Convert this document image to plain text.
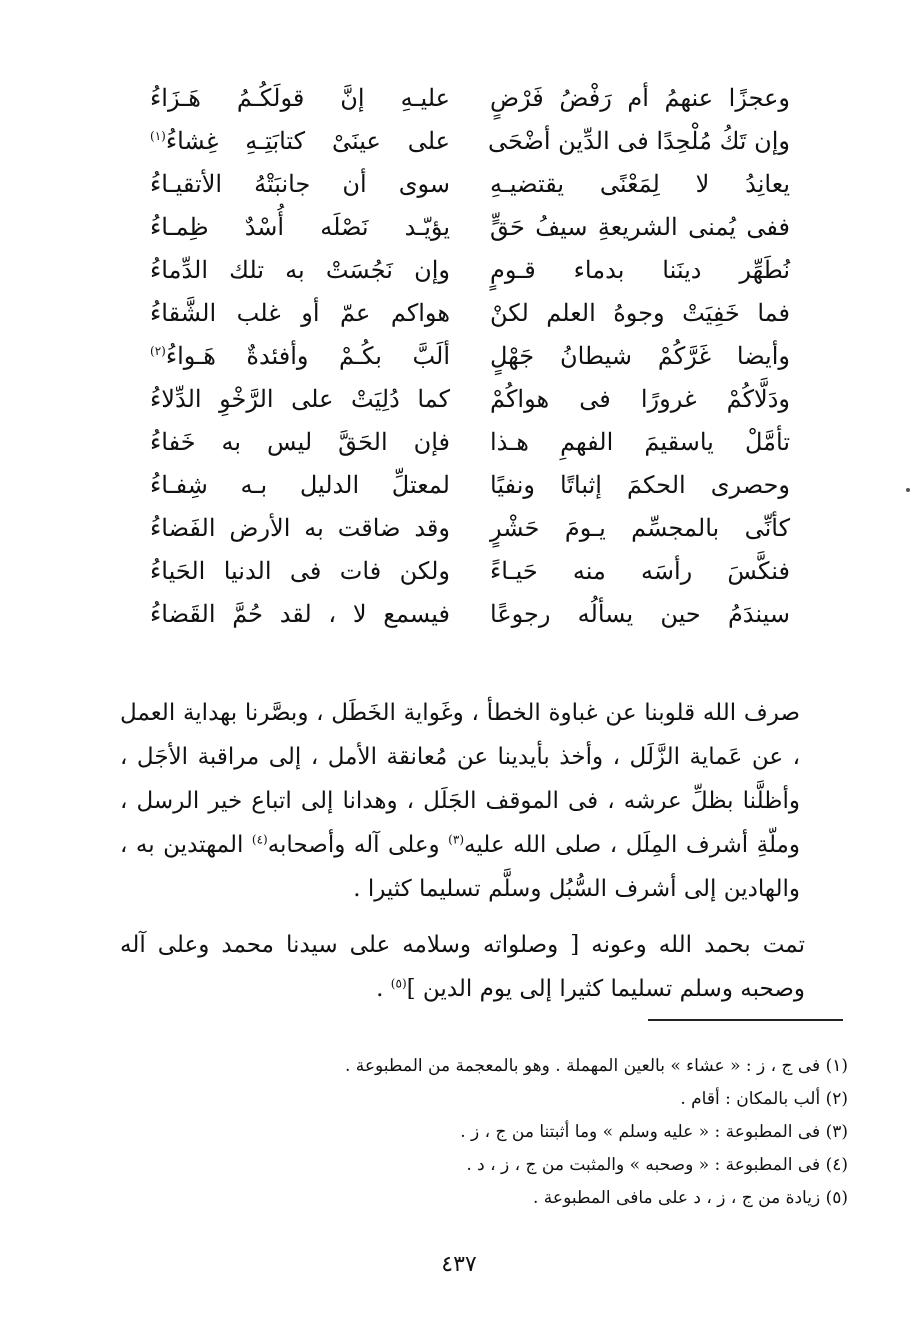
وعجزًا عنهمُ أم رَفْضُ فَرْضٍ
عليـهِ إنَّ قولَكُـمُ هَـزَاءُ
وإن تَكُ مُلْحِدًا فى الدِّين أضْحَى
على عينَىْ كتابَتِـهِ غِشاءُ$^{(١)}$
يعانِدُ لا لِمَعْنًى يقتضيـهِ
سوى أن جانبَتْهُ الأتقيـاءُ
ففى يُمنى الشريعةِ سيفُ حَقٍّ
يؤيّـد نَصْلَه أُسْدٌ ظِمـاءُ
نُطَهِّر دينَنا بدماء قـومٍ
وإن نَجُسَتْ به تلك الدِّماءُ
فما خَفِيَتْ وجوهُ العلم لكنْ
هواكم عمّ أو غلب الشَّقاءُ
وأيضا غَرَّكُمْ شيطانُ جَهْلٍ
ألَبَّ بكُـمْ وأفئدةٌ هَـواءُ$^{(٢)}$
ودَلَّاكُمْ غرورًا فى هواكُمْ
كما دُلِيَتْ على الرَّخْوِ الدِّلاءُ
تأمَّلْ ياسقيمَ الفهمِ هـذا
فإن الحَقَّ ليس به خَفاءُ
وحصرى الحكمَ إثباتًا ونفيًا
لمعتلِّ الدليل بـه شِفـاءُ
كأنِّى بالمجسِّم يـومَ حَشْرٍ
وقد ضاقت به الأرض الفَضاءُ
فنكَّسَ رأسَه منه حَيـاءً
ولكن فات فى الدنيا الحَياءُ
سيندَمُ حين يسألُه رجوعًا
فيسمع لا ، لقد حُمَّ القَضاءُ

صرف الله قلوبنا عن غباوة الخطأ ، وغَواية الخَطَل ، وبصَّرنا بهداية العمل ، عن عَماية الزَّلَل ، وأخذ بأيدينا عن مُعانقة الأمل ، إلى مراقبة الأجَل ، وأظلَّنا بظلِّ عرشه ، فى الموقف الجَلَل ، وهدانا إلى اتباع خير الرسل ، وملّةِ أشرف المِلَل ، صلى الله عليه$^{(٣)}$ وعلى آله وأصحابه$^{(٤)}$ المهتدين به ، والهادين إلى أشرف السُّبُل وسلَّم تسليما كثيرا .

تمت بحمد الله وعونه [ وصلواته وسلامه على سيدنا محمد وعلى آله وصحبه وسلم تسليما كثيرا إلى يوم الدين ]$^{(٥)}$ .

(١) فى ج ، ز : « عشاء » بالعين المهملة . وهو بالمعجمة من المطبوعة .
(٢) ألب بالمكان : أقام .
(٣) فى المطبوعة : « عليه وسلم » وما أثبتنا من ج ، ز .
(٤) فى المطبوعة : « وصحبه » والمثبت من ج ، ز ، د .
(٥) زيادة من ج ، ز ، د على مافى المطبوعة .
٤٣٧
